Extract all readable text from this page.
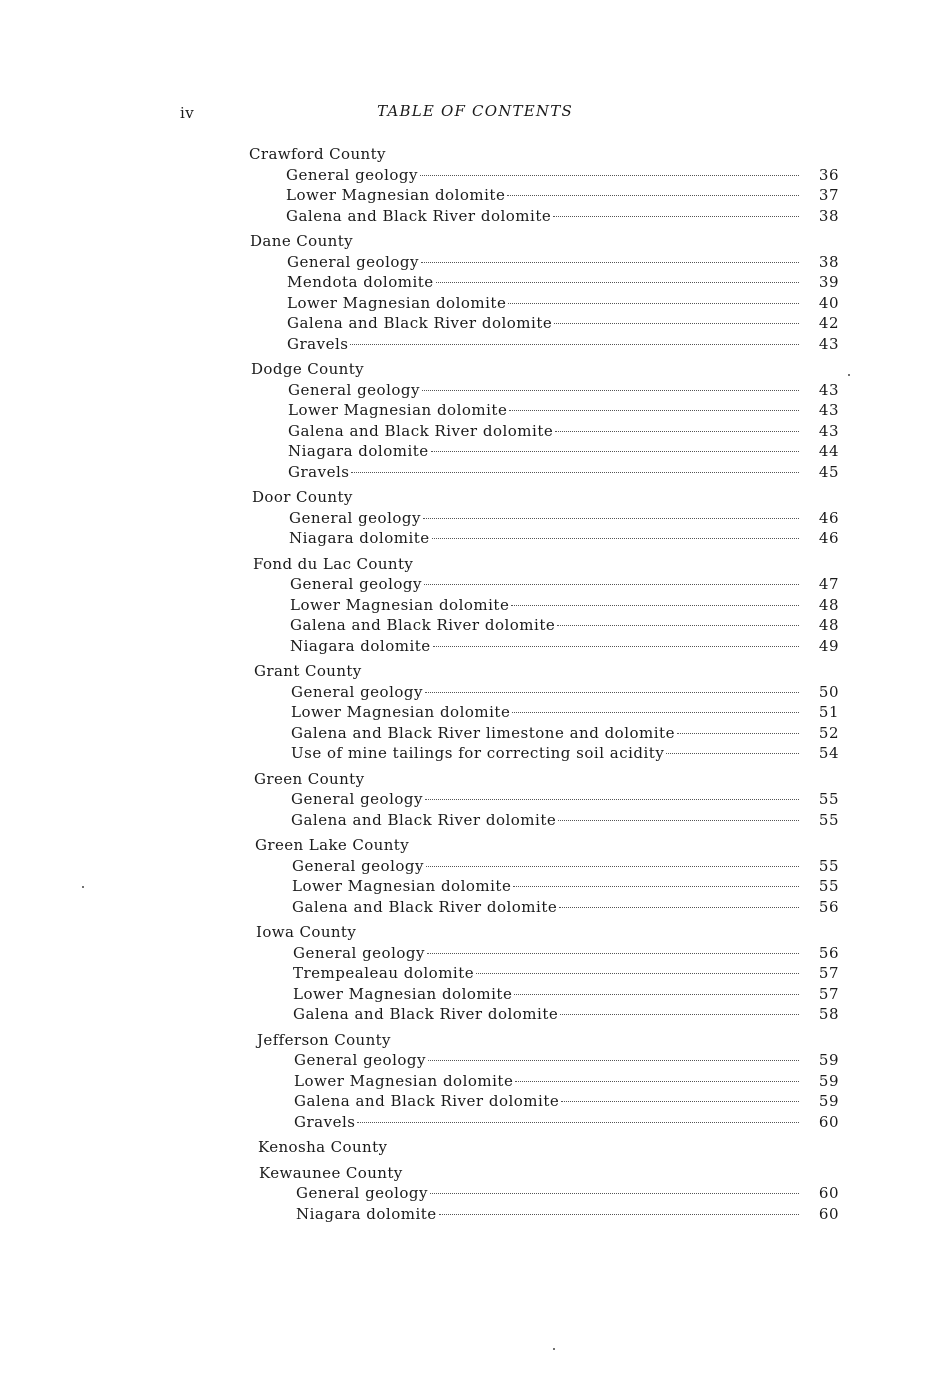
iv	TABLE OF CONTENTS
Crawford County
General geology	36
Lower Magnesian dolomite	37
Galena and Black River dolomite	38
Dane County
General geology	38
Mendota dolomite	39
Lower Magnesian dolomite	40
Galena and Black River dolomite	42
Gravels	43
Dodge County
General geology	43
Lower Magnesian dolomite	43
Galena and Black River dolomite	43
Niagara dolomite	44
Gravels	45
Door County
General geology	46
Niagara dolomite	46
Fond du Lac County
General geology	47
Lower Magnesian dolomite	48
Galena and Black River dolomite	48
Niagara dolomite	49
Grant County
General geology	50
Lower Magnesian dolomite	51
Galena and Black River limestone and dolomite	52
Use of mine tailings for correcting soil acidity	54
Green County
General geology	55
Galena and Black River dolomite	55
Green Lake County
General geology	55
Lower Magnesian dolomite	55
Galena and Black River dolomite	56
Iowa County
General geology	56
Trempealeau dolomite	57
Lower Magnesian dolomite	57
Galena and Black River dolomite	58
Jefferson County
General geology	59
Lower Magnesian dolomite	59
Galena and Black River dolomite	59
Gravels	60
Kenosha County
Kewaunee County
General geology	60
Niagara dolomite	60
